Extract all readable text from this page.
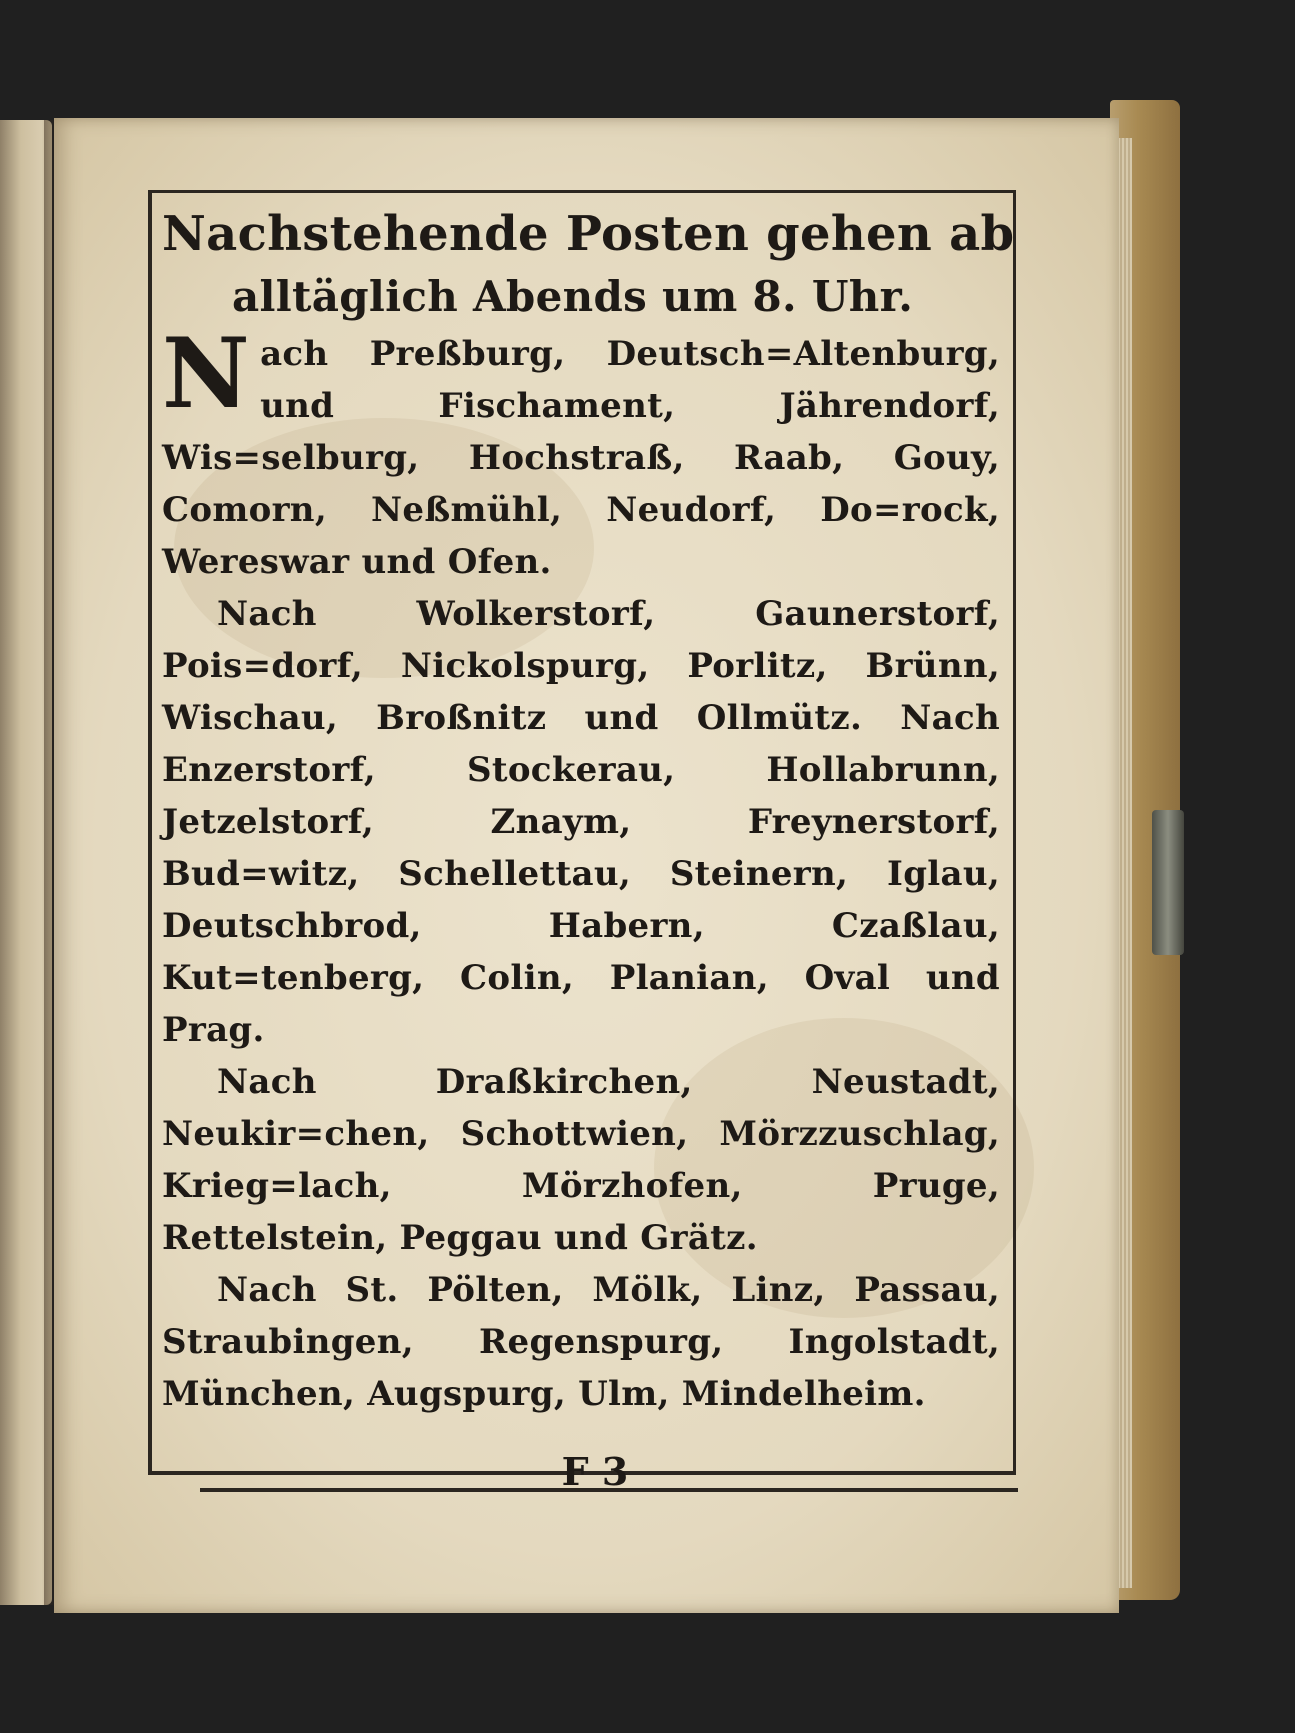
Nachstehende Posten gehen ab
alltäglich Abends um 8. Uhr.

Nach Preßburg, Deutsch=Altenburg, und Fischament, Jährendorf, Wis=selburg, Hochstraß, Raab, Gouy, Comorn, Neßmühl, Neudorf, Do=rock, Wereswar und Ofen.

Nach Wolkerstorf, Gaunerstorf, Pois=dorf, Nickolspurg, Porlitz, Brünn, Wischau, Broßnitz und Ollmütz. Nach Enzerstorf, Stockerau, Hollabrunn, Jetzelstorf, Znaym, Freynerstorf, Bud=witz, Schellettau, Steinern, Iglau, Deutschbrod, Habern, Czaßlau, Kut=tenberg, Colin, Planian, Oval und Prag.

Nach Draßkirchen, Neustadt, Neukir=chen, Schottwien, Mörzzuschlag, Krieg=lach, Mörzhofen, Pruge, Rettelstein, Peggau und Grätz.

Nach St. Pölten, Mölk, Linz, Passau, Straubingen, Regenspurg, Ingolstadt, München, Augspurg, Ulm, Mindelheim.

F 3
